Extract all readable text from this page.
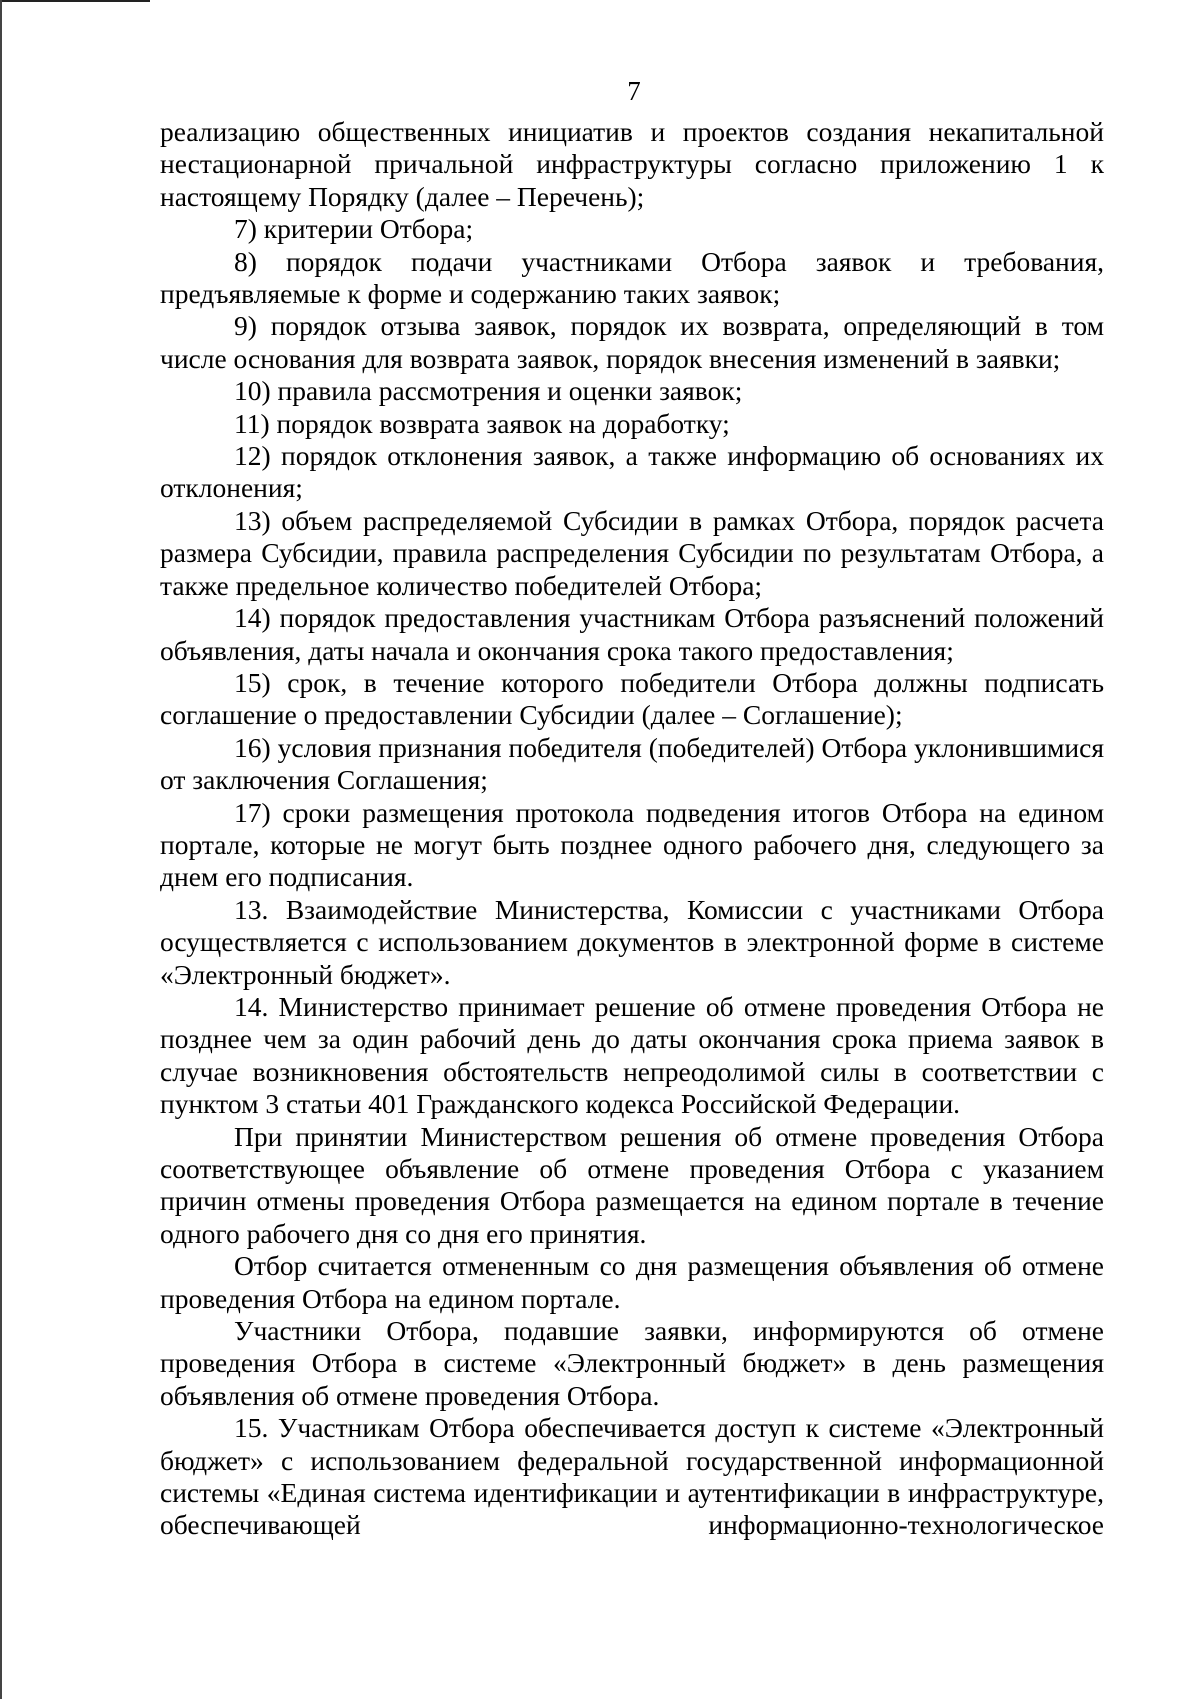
7

реализацию общественных инициатив и проектов создания некапитальной нестационарной причальной инфраструктуры согласно приложению 1 к настоящему Порядку (далее – Перечень);

7) критерии Отбора;

8) порядок подачи участниками Отбора заявок и требования, предъявляемые к форме и содержанию таких заявок;

9) порядок отзыва заявок, порядок их возврата, определяющий в том числе основания для возврата заявок, порядок внесения изменений в заявки;

10) правила рассмотрения и оценки заявок;

11) порядок возврата заявок на доработку;

12) порядок отклонения заявок, а также информацию об основаниях их отклонения;

13) объем распределяемой Субсидии в рамках Отбора, порядок расчета размера Субсидии, правила распределения Субсидии по результатам Отбора, а также предельное количество победителей Отбора;

14) порядок предоставления участникам Отбора разъяснений положений объявления, даты начала и окончания срока такого предоставления;

15) срок, в течение которого победители Отбора должны подписать соглашение о предоставлении Субсидии (далее – Соглашение);

16) условия признания победителя (победителей) Отбора уклонившимися от заключения Соглашения;

17) сроки размещения протокола подведения итогов Отбора на едином портале, которые не могут быть позднее одного рабочего дня, следующего за днем его подписания.

13. Взаимодействие Министерства, Комиссии с участниками Отбора осуществляется с использованием документов в электронной форме в системе «Электронный бюджет».

14. Министерство принимает решение об отмене проведения Отбора не позднее чем за один рабочий день до даты окончания срока приема заявок в случае возникновения обстоятельств непреодолимой силы в соответствии с пунктом 3 статьи 401 Гражданского кодекса Российской Федерации.

При принятии Министерством решения об отмене проведения Отбора соответствующее объявление об отмене проведения Отбора с указанием причин отмены проведения Отбора размещается на едином портале в течение одного рабочего дня со дня его принятия.

Отбор считается отмененным со дня размещения объявления об отмене проведения Отбора на едином портале.

Участники Отбора, подавшие заявки, информируются об отмене проведения Отбора в системе «Электронный бюджет» в день размещения объявления об отмене проведения Отбора.

15. Участникам Отбора обеспечивается доступ к системе «Электронный бюджет» с использованием федеральной государственной информационной системы «Единая система идентификации и аутентификации в инфраструктуре, обеспечивающей информационно-технологическое
